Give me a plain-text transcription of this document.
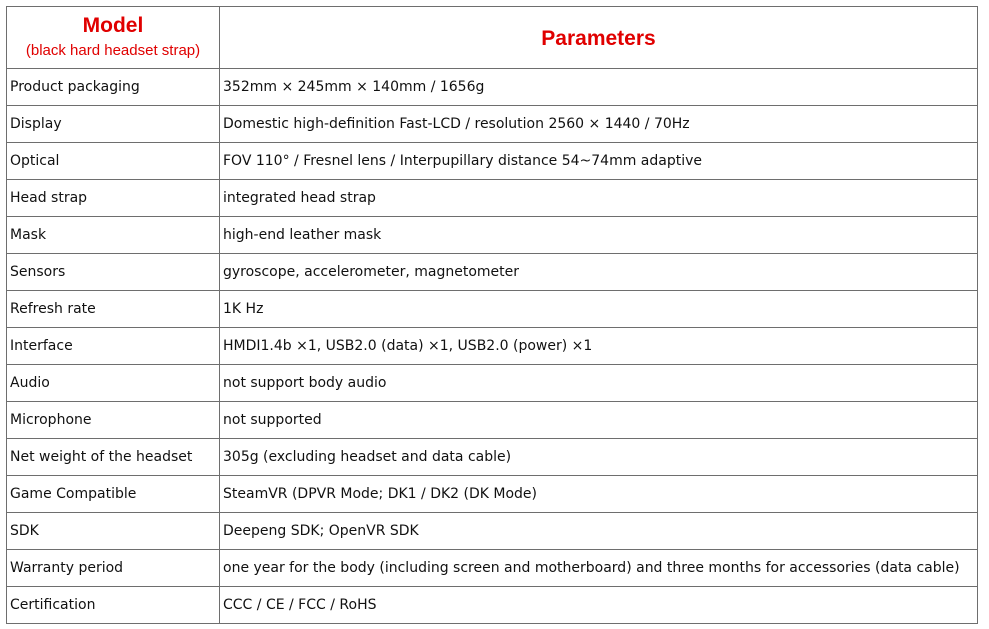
Model
(black hard headset strap)	Parameters

Product packaging	352mm × 245mm × 140mm / 1656g
Display	Domestic high-definition Fast-LCD / resolution 2560 × 1440 / 70Hz
Optical	FOV 110° / Fresnel lens / Interpupillary distance 54~74mm adaptive
Head strap	integrated head strap
Mask	high-end leather mask
Sensors	gyroscope, accelerometer, magnetometer
Refresh rate	1K Hz
Interface	HMDI1.4b ×1, USB2.0 (data) ×1, USB2.0 (power) ×1
Audio	not support body audio
Microphone	not supported
Net weight of the headset	305g (excluding headset and data cable)
Game Compatible	SteamVR (DPVR Mode; DK1 / DK2 (DK Mode)
SDK	Deepeng SDK; OpenVR SDK
Warranty period	one year for the body (including screen and motherboard) and three months for accessories (data cable)
Certification	CCC / CE / FCC / RoHS
